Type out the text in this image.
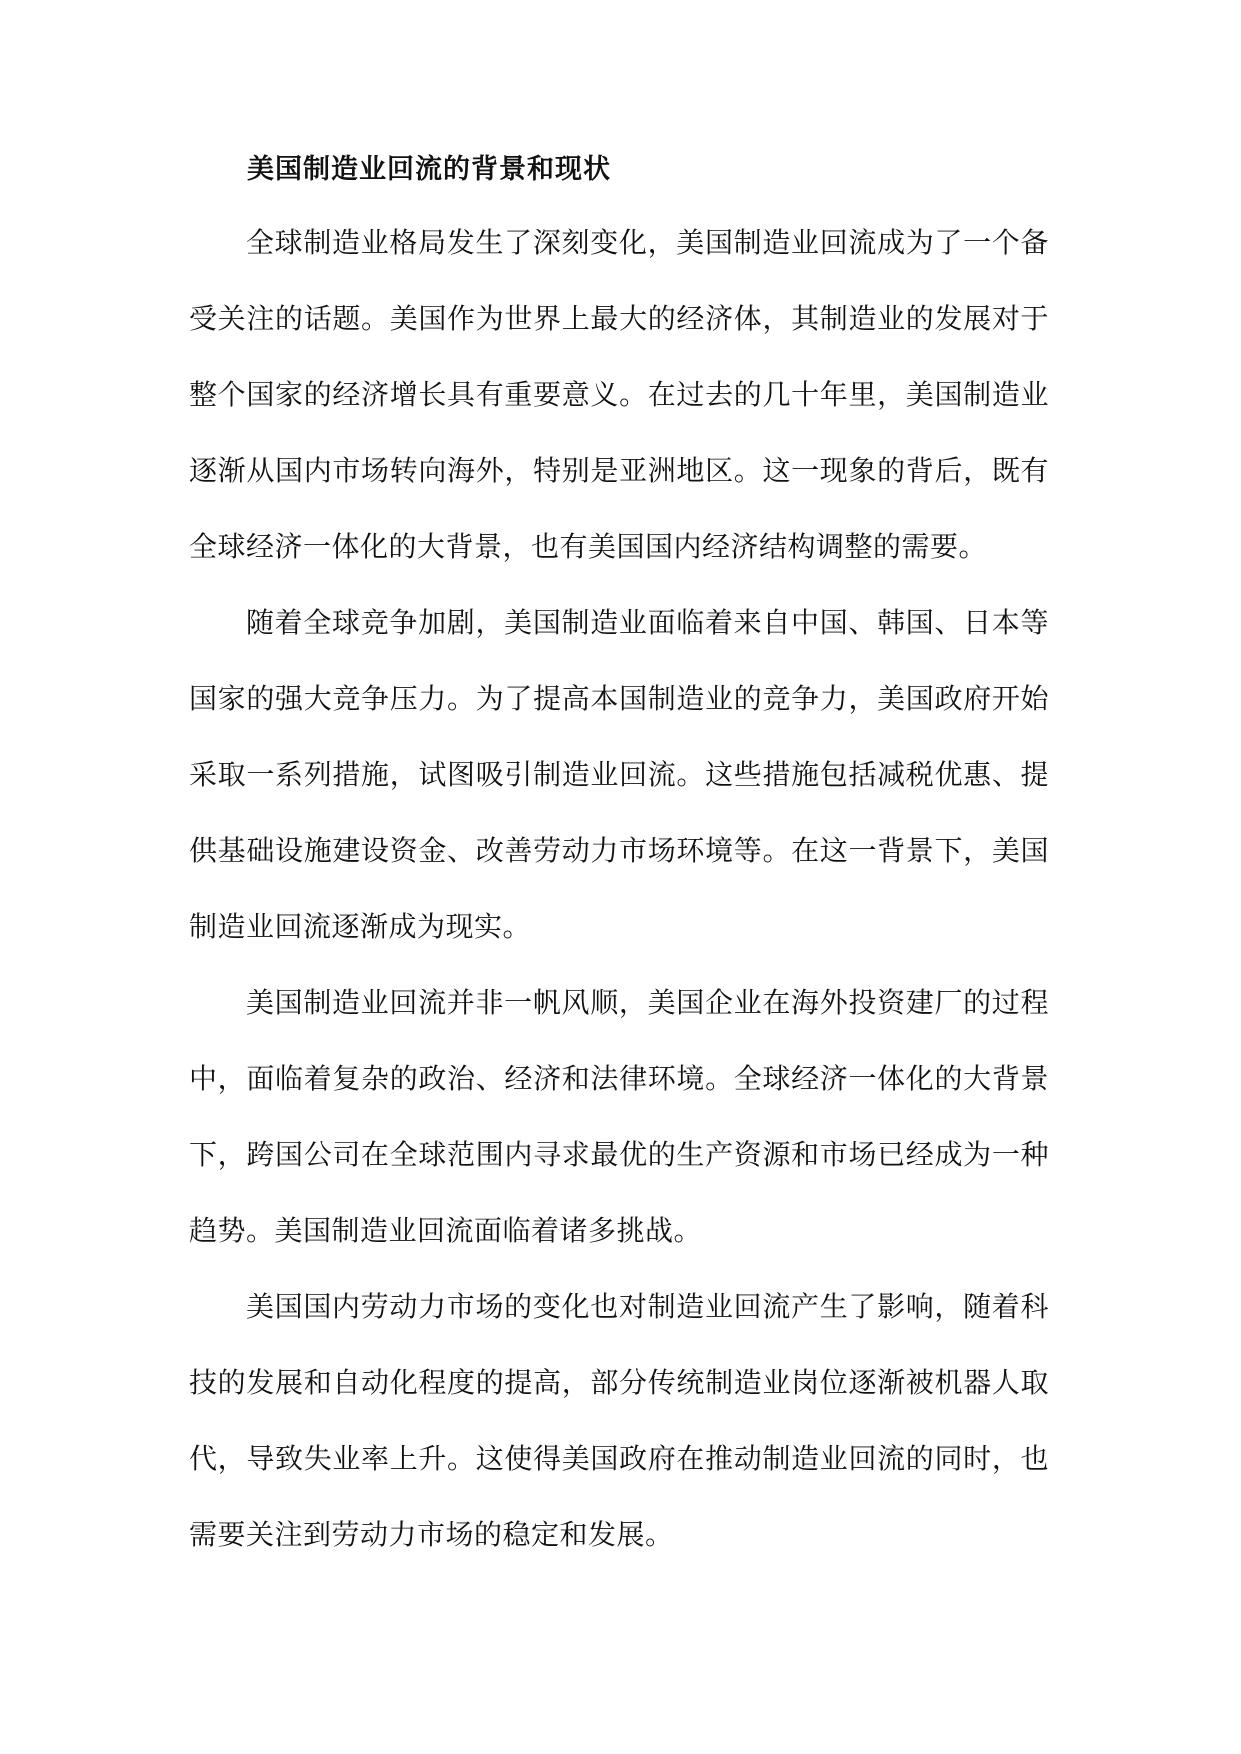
美国制造业回流的背景和现状

全球制造业格局发生了深刻变化，美国制造业回流成为了一个备受关注的话题。美国作为世界上最大的经济体，其制造业的发展对于整个国家的经济增长具有重要意义。在过去的几十年里，美国制造业逐渐从国内市场转向海外，特别是亚洲地区。这一现象的背后，既有全球经济一体化的大背景，也有美国国内经济结构调整的需要。

随着全球竞争加剧，美国制造业面临着来自中国、韩国、日本等国家的强大竞争压力。为了提高本国制造业的竞争力，美国政府开始采取一系列措施，试图吸引制造业回流。这些措施包括减税优惠、提供基础设施建设资金、改善劳动力市场环境等。在这一背景下，美国制造业回流逐渐成为现实。

美国制造业回流并非一帆风顺，美国企业在海外投资建厂的过程中，面临着复杂的政治、经济和法律环境。全球经济一体化的大背景下，跨国公司在全球范围内寻求最优的生产资源和市场已经成为一种趋势。美国制造业回流面临着诸多挑战。

美国国内劳动力市场的变化也对制造业回流产生了影响，随着科技的发展和自动化程度的提高，部分传统制造业岗位逐渐被机器人取代，导致失业率上升。这使得美国政府在推动制造业回流的同时，也需要关注到劳动力市场的稳定和发展。
